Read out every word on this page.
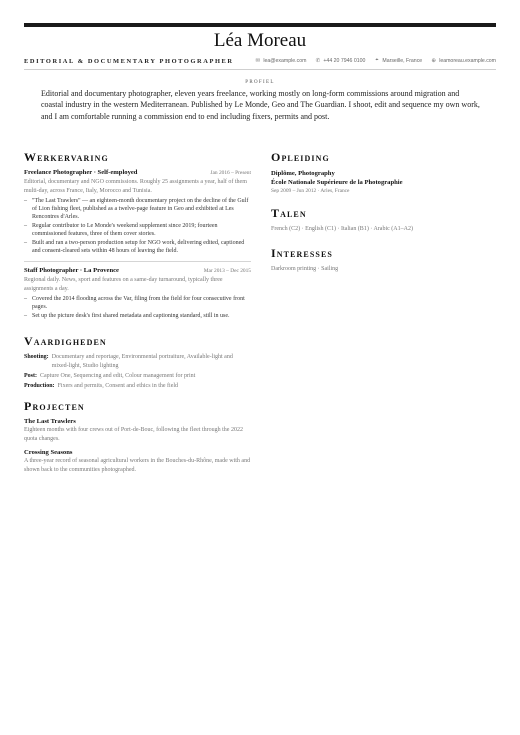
Léa Moreau
EDITORIAL & DOCUMENTARY PHOTOGRAPHER	✉ lea@example.com ✆ +44 20 7946 0100	⌖ Marseille, France ⊕ leamoreau.example.com
PROFIEL
Editorial and documentary photographer, eleven years freelance, working mostly on long-form commissions around migration and coastal industry in the western Mediterranean. Published by Le Monde, Geo and The Guardian. I shoot, edit and sequence my own work, and I am comfortable running a commission end to end including fixers, permits and post.
WERKERVARING
Freelance Photographer · Self-employed	Jan 2016 – Present
Editorial, documentary and NGO commissions. Roughly 25 assignments a year, half of them multi-day, across France, Italy, Morocco and Tunisia.
– "The Last Trawlers" — an eighteen-month documentary project on the decline of the Gulf of Lion fishing fleet, published as a twelve-page feature in Geo and exhibited at Les Rencontres d'Arles.
– Regular contributor to Le Monde's weekend supplement since 2019; fourteen commissioned features, three of them cover stories.
– Built and ran a two-person production setup for NGO work, delivering edited, captioned and consent-cleared sets within 48 hours of leaving the field.
Staff Photographer · La Provence	Mar 2013 – Dec 2015
Regional daily. News, sport and features on a same-day turnaround, typically three assignments a day.
– Covered the 2014 flooding across the Var, filing from the field for four consecutive front pages.
– Set up the picture desk's first shared metadata and captioning standard, still in use.
VAARDIGHEDEN
Shooting: Documentary and reportage, Environmental portraiture, Available-light and mixed-light, Studio lighting
Post: Capture One, Sequencing and edit, Colour management for print
Production: Fixers and permits, Consent and ethics in the field
PROJECTEN
The Last Trawlers
Eighteen months with four crews out of Port-de-Bouc, following the fleet through the 2022 quota changes.
Crossing Seasons
A three-year record of seasonal agricultural workers in the Bouches-du-Rhône, made with and shown back to the communities photographed.
OPLEIDING
Diplôme, Photography
École Nationale Supérieure de la Photographie
Sep 2009 – Jun 2012 · Arles, France
TALEN
French (C2) · English (C1) · Italian (B1) · Arabic (A1–A2)
INTERESSES
Darkroom printing · Sailing
